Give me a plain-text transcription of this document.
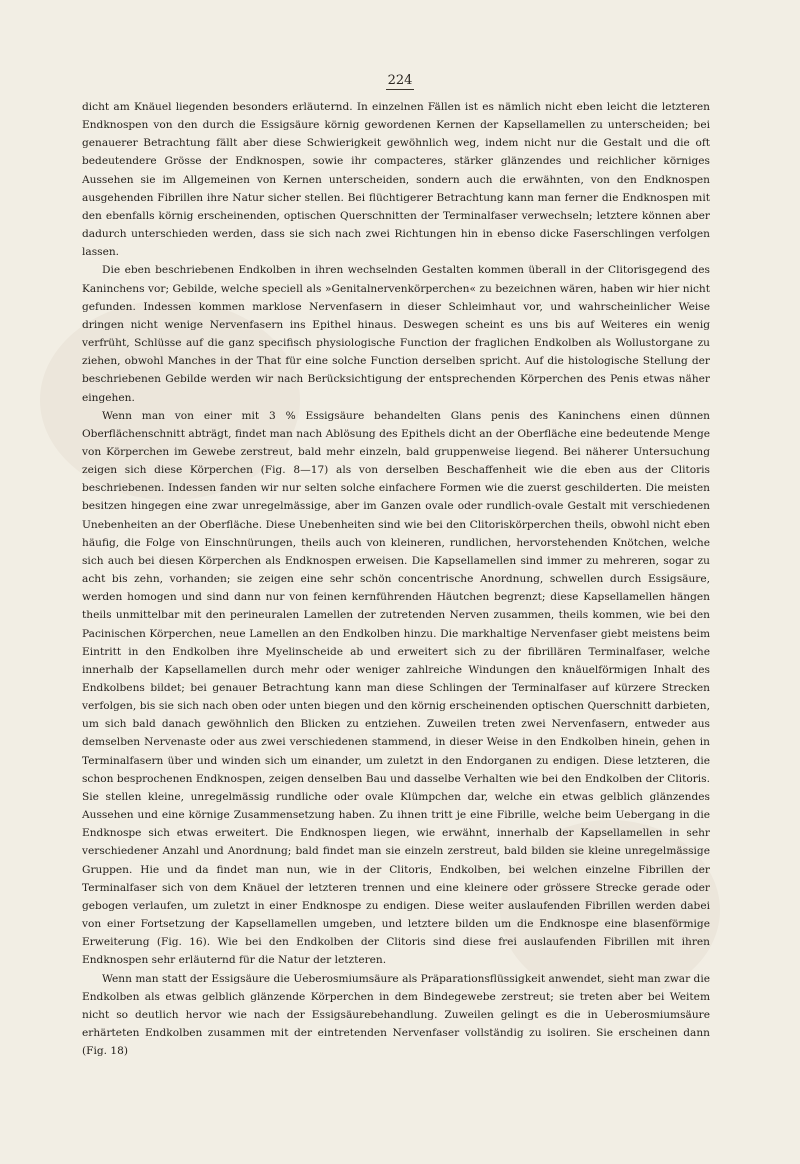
224

dicht am Knäuel liegenden besonders erläuternd. In einzelnen Fällen ist es nämlich nicht eben leicht die letzteren Endknospen von den durch die Essigsäure körnig gewordenen Kernen der Kapsellamellen zu unterscheiden; bei genauerer Betrachtung fällt aber diese Schwierigkeit gewöhnlich weg, indem nicht nur die Gestalt und die oft bedeutendere Grösse der Endknospen, sowie ihr compacteres, stärker glänzendes und reichlicher körniges Aussehen sie im Allgemeinen von Kernen unterscheiden, sondern auch die erwähnten, von den Endknospen ausgehenden Fibrillen ihre Natur sicher stellen. Bei flüchtigerer Betrachtung kann man ferner die Endknospen mit den ebenfalls körnig erscheinenden, optischen Querschnitten der Terminalfaser verwechseln; letztere können aber dadurch unterschieden werden, dass sie sich nach zwei Richtungen hin in ebenso dicke Faserschlingen verfolgen lassen.

Die eben beschriebenen Endkolben in ihren wechselnden Gestalten kommen überall in der Clitorisgegend des Kaninchens vor; Gebilde, welche speciell als »Genitalnervenkörperchen« zu bezeichnen wären, haben wir hier nicht gefunden. Indessen kommen marklose Nervenfasern in dieser Schleimhaut vor, und wahrscheinlicher Weise dringen nicht wenige Nervenfasern ins Epithel hinaus. Deswegen scheint es uns bis auf Weiteres ein wenig verfrüht, Schlüsse auf die ganz specifisch physiologische Function der fraglichen Endkolben als Wollustorgane zu ziehen, obwohl Manches in der That für eine solche Function derselben spricht. Auf die histologische Stellung der beschriebenen Gebilde werden wir nach Berücksichtigung der entsprechenden Körperchen des Penis etwas näher eingehen.

Wenn man von einer mit 3 % Essigsäure behandelten Glans penis des Kaninchens einen dünnen Oberflächenschnitt abträgt, findet man nach Ablösung des Epithels dicht an der Oberfläche eine bedeutende Menge von Körperchen im Gewebe zerstreut, bald mehr einzeln, bald gruppenweise liegend. Bei näherer Untersuchung zeigen sich diese Körperchen (Fig. 8—17) als von derselben Beschaffenheit wie die eben aus der Clitoris beschriebenen. Indessen fanden wir nur selten solche einfachere Formen wie die zuerst geschilderten. Die meisten besitzen hingegen eine zwar unregelmässige, aber im Ganzen ovale oder rundlich-ovale Gestalt mit verschiedenen Unebenheiten an der Oberfläche. Diese Unebenheiten sind wie bei den Clitoriskörperchen theils, obwohl nicht eben häufig, die Folge von Einschnürungen, theils auch von kleineren, rundlichen, hervorstehenden Knötchen, welche sich auch bei diesen Körperchen als Endknospen erweisen. Die Kapsellamellen sind immer zu mehreren, sogar zu acht bis zehn, vorhanden; sie zeigen eine sehr schön concentrische Anordnung, schwellen durch Essigsäure, werden homogen und sind dann nur von feinen kernführenden Häutchen begrenzt; diese Kapsellamellen hängen theils unmittelbar mit den perineuralen Lamellen der zutretenden Nerven zusammen, theils kommen, wie bei den Pacinischen Körperchen, neue Lamellen an den Endkolben hinzu. Die markhaltige Nervenfaser giebt meistens beim Eintritt in den Endkolben ihre Myelinscheide ab und erweitert sich zu der fibrillären Terminalfaser, welche innerhalb der Kapsellamellen durch mehr oder weniger zahlreiche Windungen den knäuelförmigen Inhalt des Endkolbens bildet; bei genauer Betrachtung kann man diese Schlingen der Terminalfaser auf kürzere Strecken verfolgen, bis sie sich nach oben oder unten biegen und den körnig erscheinenden optischen Querschnitt darbieten, um sich bald danach gewöhnlich den Blicken zu entziehen. Zuweilen treten zwei Nervenfasern, entweder aus demselben Nervenaste oder aus zwei verschiedenen stammend, in dieser Weise in den Endkolben hinein, gehen in Terminalfasern über und winden sich um einander, um zuletzt in den Endorganen zu endigen. Diese letzteren, die schon besprochenen Endknospen, zeigen denselben Bau und dasselbe Verhalten wie bei den Endkolben der Clitoris. Sie stellen kleine, unregelmässig rundliche oder ovale Klümpchen dar, welche ein etwas gelblich glänzendes Aussehen und eine körnige Zusammensetzung haben. Zu ihnen tritt je eine Fibrille, welche beim Uebergang in die Endknospe sich etwas erweitert. Die Endknospen liegen, wie erwähnt, innerhalb der Kapsellamellen in sehr verschiedener Anzahl und Anordnung; bald findet man sie einzeln zerstreut, bald bilden sie kleine unregelmässige Gruppen. Hie und da findet man nun, wie in der Clitoris, Endkolben, bei welchen einzelne Fibrillen der Terminalfaser sich von dem Knäuel der letzteren trennen und eine kleinere oder grössere Strecke gerade oder gebogen verlaufen, um zuletzt in einer Endknospe zu endigen. Diese weiter auslaufenden Fibrillen werden dabei von einer Fortsetzung der Kapsellamellen umgeben, und letztere bilden um die Endknospe eine blasenförmige Erweiterung (Fig. 16). Wie bei den Endkolben der Clitoris sind diese frei auslaufenden Fibrillen mit ihren Endknospen sehr erläuternd für die Natur der letzteren.

Wenn man statt der Essigsäure die Ueberosmiumsäure als Präparationsflüssigkeit anwendet, sieht man zwar die Endkolben als etwas gelblich glänzende Körperchen in dem Bindegewebe zerstreut; sie treten aber bei Weitem nicht so deutlich hervor wie nach der Essigsäurebehandlung. Zuweilen gelingt es die in Ueberosmiumsäure erhärteten Endkolben zusammen mit der eintretenden Nervenfaser vollständig zu isoliren. Sie erscheinen dann (Fig. 18)
